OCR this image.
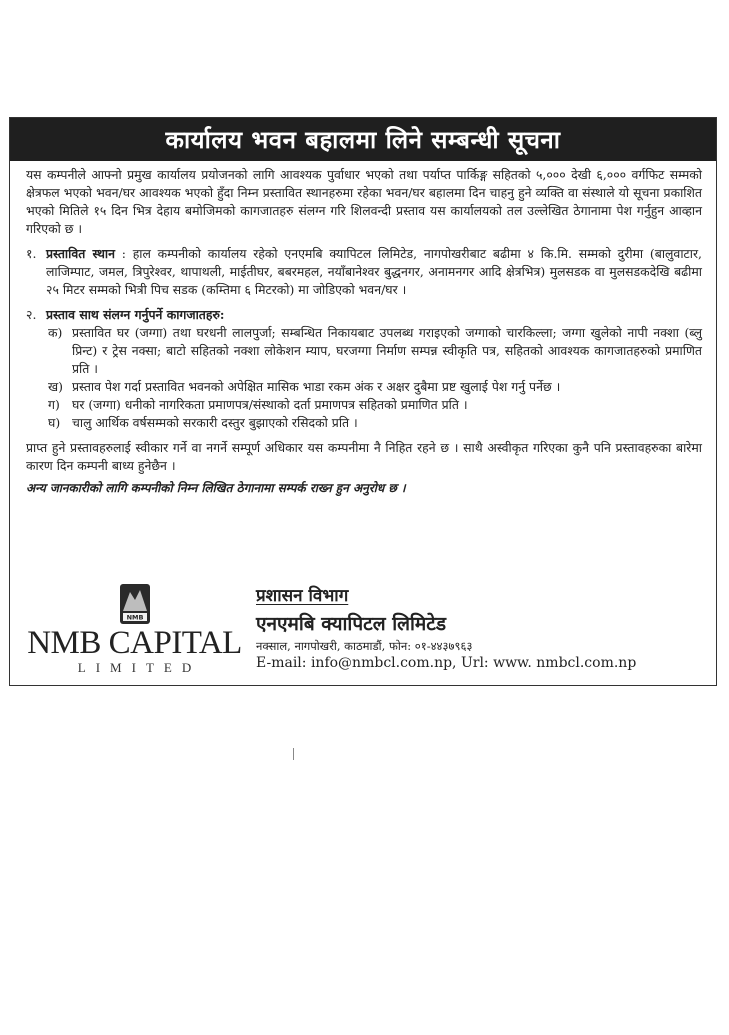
कार्यालय भवन बहालमा लिने सम्बन्धी सूचना

यस कम्पनीले आफ्नो प्रमुख कार्यालय प्रयोजनको लागि आवश्यक पुर्वाधार भएको तथा पर्याप्त पार्किङ्ग सहितको ५,००० देखी ६,००० वर्गफिट सम्मको क्षेत्रफल भएको भवन/घर आवश्यक भएको हुँदा निम्न प्रस्तावित स्थानहरुमा रहेका भवन/घर बहालमा दिन चाहनु हुने व्यक्ति वा संस्थाले यो सूचना प्रकाशित भएको मितिले १५ दिन भित्र देहाय बमोजिमको कागजातहरु संलग्न गरि शिलवन्दी प्रस्ताव यस कार्यालयको तल उल्लेखित ठेगानामा पेश गर्नुहुन आव्हान गरिएको छ ।

१. प्रस्तावित स्थान : हाल कम्पनीको कार्यालय रहेको एनएमबि क्यापिटल लिमिटेड, नागपोखरीबाट बढीमा ४ कि.मि. सम्मको दुरीमा (बालुवाटार, लाजिम्पाट, जमल, त्रिपुरेश्वर, थापाथली, माईतीघर, बबरमहल, नयाँबानेश्वर बुद्धनगर, अनामनगर आदि क्षेत्रभित्र) मुलसडक वा मुलसडकदेखि बढीमा २५ मिटर सम्मको भित्री पिच सडक (कम्तिमा ६ मिटरको) मा जोडिएको भवन/घर ।
२. प्रस्ताव साथ संलग्न गर्नुपर्ने कागजातहरु:
क) प्रस्तावित घर (जग्गा) तथा घरधनी लालपुर्जा; सम्बन्धित निकायबाट उपलब्ध गराइएको जग्गाको चारकिल्ला; जग्गा खुलेको नापी नक्शा (ब्लु प्रिन्ट) र ट्रेस नक्सा; बाटो सहितको नक्शा लोकेशन म्याप, घरजग्गा निर्माण सम्पन्न स्वीकृति पत्र, सहितको आवश्यक कागजातहरुको प्रमाणित प्रति ।
ख) प्रस्ताव पेश गर्दा प्रस्तावित भवनको अपेक्षित मासिक भाडा रकम अंक र अक्षर दुबैमा प्रष्ट खुलाई पेश गर्नु पर्नेछ ।
ग) घर (जग्गा) धनीको नागरिकता प्रमाणपत्र/संस्थाको दर्ता प्रमाणपत्र सहितको प्रमाणित प्रति ।
घ) चालु आर्थिक वर्षसम्मको सरकारी दस्तुर बुझाएको रसिदको प्रति ।

प्राप्त हुने प्रस्तावहरुलाई स्वीकार गर्ने वा नगर्ने सम्पूर्ण अधिकार यस कम्पनीमा नै निहित रहने छ । साथै अस्वीकृत गरिएका कुनै पनि प्रस्तावहरुका बारेमा कारण दिन कम्पनी बाध्य हुनेछैन ।

अन्य जानकारीको लागि कम्पनीको निम्न लिखित ठेगानामा सम्पर्क राख्न हुन अनुरोध छ ।
NMB
NMB CAPITAL
LIMITED
प्रशासन विभाग
एनएमबि क्यापिटल लिमिटेड
नक्साल, नागपोखरी, काठमाडौं, फोन: ०१-४४३७९६३
E-mail: info@nmbcl.com.np, Url: www. nmbcl.com.np
